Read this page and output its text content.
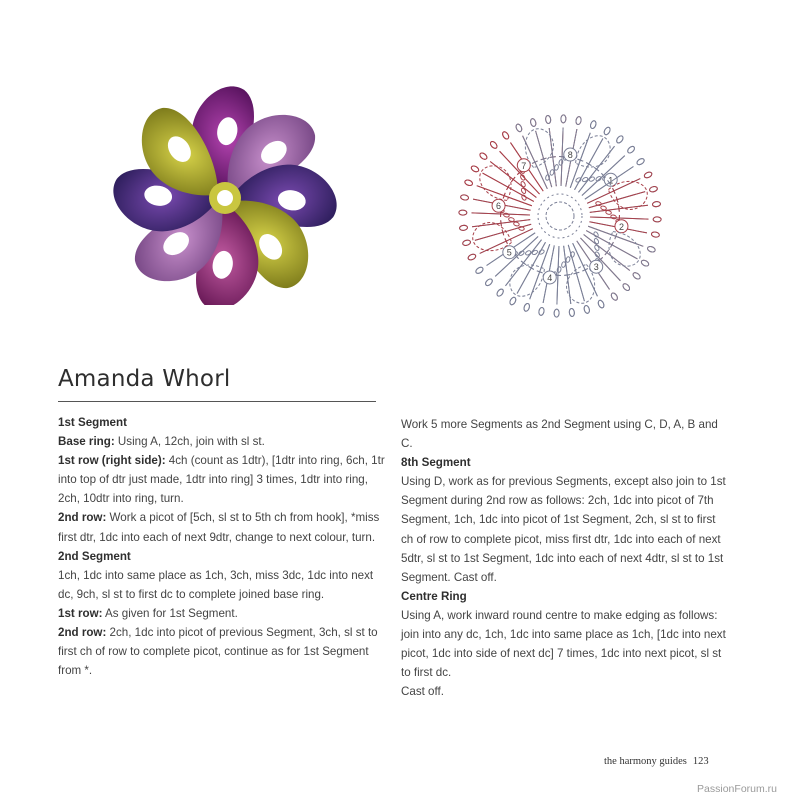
1
2
3
4
5
6
7
8
Amanda Whorl

1st Segment

Base ring: Using A, 12ch, join with sl st.

1st row (right side): 4ch (count as 1dtr), [1dtr into ring, 6ch, 1tr into top of dtr just made, 1dtr into ring] 3 times, 1dtr into ring, 2ch, 10dtr into ring, turn.

2nd row: Work a picot of [5ch, sl st to 5th ch from hook], *miss first dtr, 1dc into each of next 9dtr, change to next colour, turn.

2nd Segment

1ch, 1dc into same place as 1ch, 3ch, miss 3dc, 1dc into next dc, 9ch, sl st to first dc to complete joined base ring.

1st row: As given for 1st Segment.

2nd row: 2ch, 1dc into picot of previous Segment, 3ch, sl st to first ch of row to complete picot, continue as for 1st Segment from *.

Work 5 more Segments as 2nd Segment using C, D, A, B and C.

8th Segment

Using D, work as for previous Segments, except also join to 1st Segment during 2nd row as follows: 2ch, 1dc into picot of 7th Segment, 1ch, 1dc into picot of 1st Segment, 2ch, sl st to first ch of row to complete picot, miss first dtr, 1dc into each of next 5dtr, sl st to 1st Segment, 1dc into each of next 4dtr, sl st to 1st Segment. Cast off.

Centre Ring

Using A, work inward round centre to make edging as follows: join into any dc, 1ch, 1dc into same place as 1ch, [1dc into next picot, 1dc into side of next dc] 7 times, 1dc into next picot, sl st to first dc.

Cast off.

the harmony guides 123
PassionForum.ru
